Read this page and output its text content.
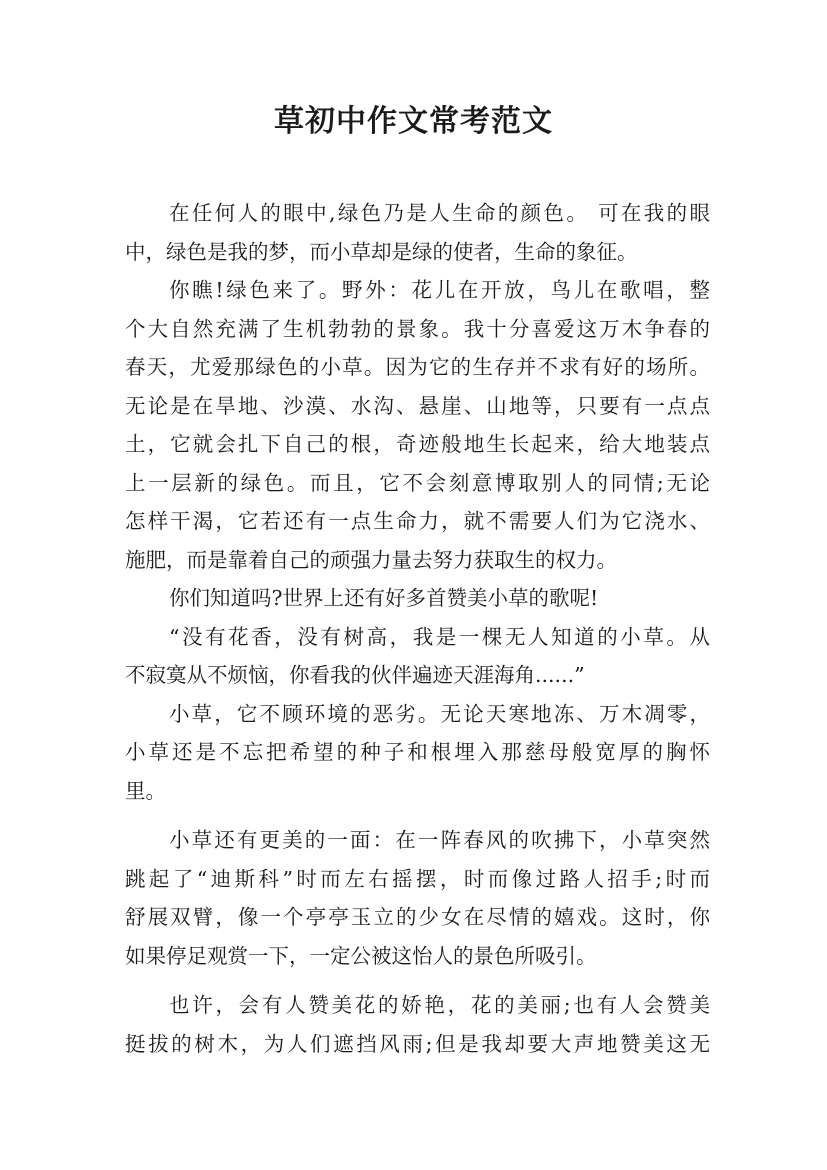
草初中作文常考范文
在任何人的眼中,绿色乃是人生命的颜色。 可在我的眼
中，绿色是我的梦，而小草却是绿的使者，生命的象征。
你瞧!绿色来了。野外：花儿在开放，鸟儿在歌唱，整
个大自然充满了生机勃勃的景象。我十分喜爱这万木争春的
春天，尤爱那绿色的小草。因为它的生存并不求有好的场所。
无论是在旱地、沙漠、水沟、悬崖、山地等，只要有一点点
土，它就会扎下自己的根，奇迹般地生长起来，给大地装点
上一层新的绿色。而且，它不会刻意博取别人的同情;无论
怎样干渴，它若还有一点生命力，就不需要人们为它浇水、
施肥，而是靠着自己的顽强力量去努力获取生的权力。
你们知道吗?世界上还有好多首赞美小草的歌呢!
“没有花香，没有树高，我是一棵无人知道的小草。从
不寂寞从不烦恼，你看我的伙伴遍迹天涯海角......”
小草，它不顾环境的恶劣。无论天寒地冻、万木凋零，
小草还是不忘把希望的种子和根埋入那慈母般宽厚的胸怀
里。
小草还有更美的一面：在一阵春风的吹拂下，小草突然
跳起了“迪斯科”时而左右摇摆，时而像过路人招手;时而
舒展双臂，像一个亭亭玉立的少女在尽情的嬉戏。这时，你
如果停足观赏一下，一定公被这怡人的景色所吸引。
也许，会有人赞美花的娇艳，花的美丽;也有人会赞美
挺拔的树木，为人们遮挡风雨;但是我却要大声地赞美这无
